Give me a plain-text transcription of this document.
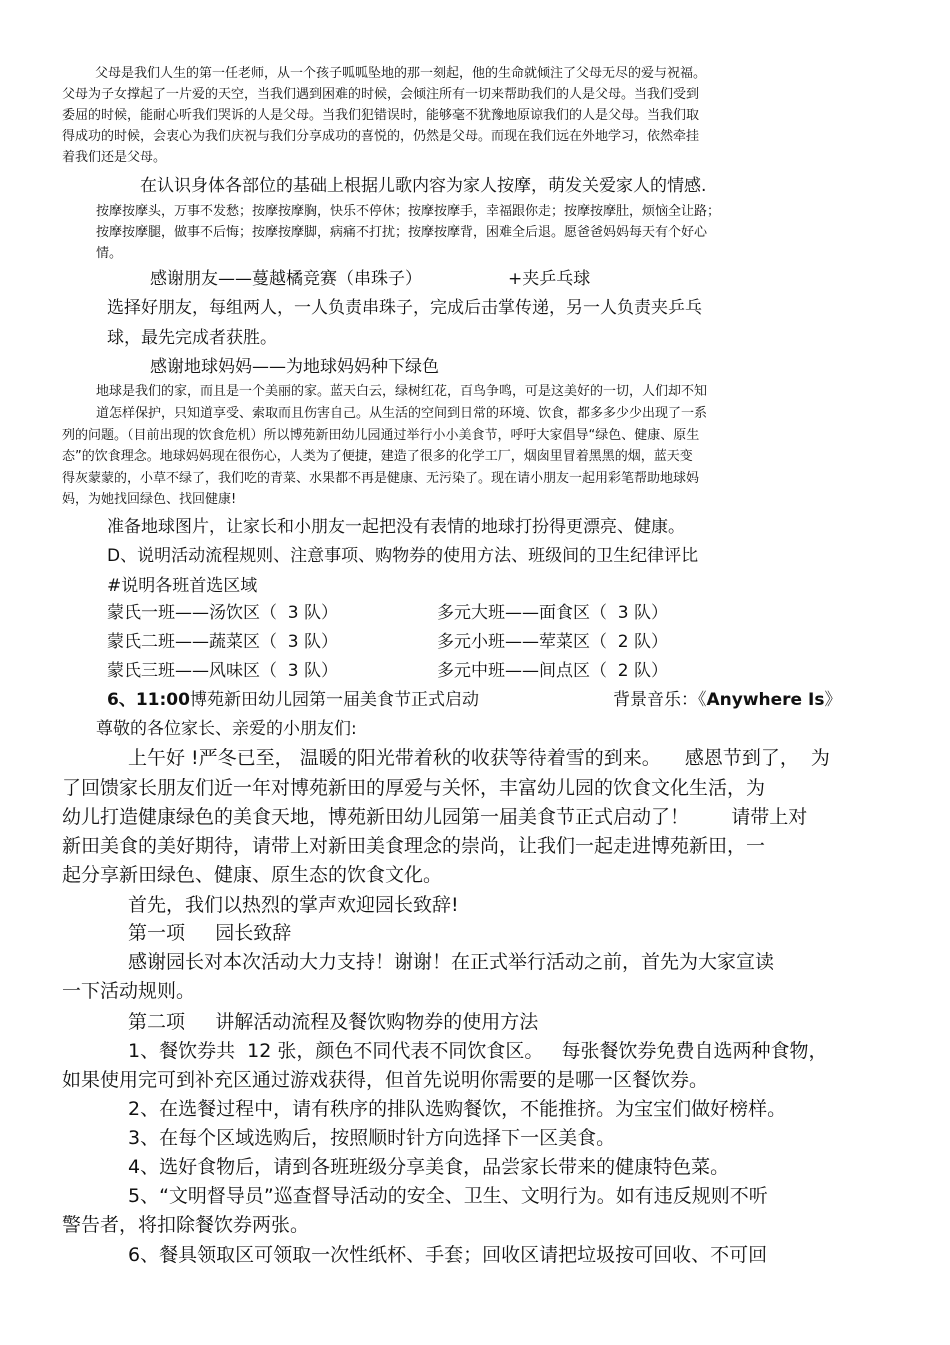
父母是我们人生的第一任老师，从一个孩子呱呱坠地的那一刻起，他的生命就倾注了父母无尽的爱与祝福。

父母为子女撑起了一片爱的天空，当我们遇到困难的时候，会倾注所有一切来帮助我们的人是父母。当我们受到

委屈的时候，能耐心听我们哭诉的人是父母。当我们犯错误时，能够毫不犹豫地原谅我们的人是父母。当我们取

得成功的时候，会衷心为我们庆祝与我们分享成功的喜悦的，仍然是父母。而现在我们远在外地学习，依然牵挂

着我们还是父母。

在认识身体各部位的基础上根据儿歌内容为家人按摩，萌发关爱家人的情感.

按摩按摩头，万事不发愁；按摩按摩胸，快乐不停休；按摩按摩手，幸福跟你走；按摩按摩肚，烦恼全让路；

按摩按摩腿，做事不后悔；按摩按摩脚，病痛不打扰；按摩按摩背，困难全后退。愿爸爸妈妈每天有个好心

情。

感谢朋友——蔓越橘竞赛（串珠子）	+夹乒乓球

选择好朋友，每组两人，一人负责串珠子，完成后击掌传递，另一人负责夹乒乓

球，最先完成者获胜。

感谢地球妈妈——为地球妈妈种下绿色

地球是我们的家，而且是一个美丽的家。蓝天白云，绿树红花，百鸟争鸣，可是这美好的一切，人们却不知

道怎样保护，只知道享受、索取而且伤害自己。从生活的空间到日常的环境、饮食，都多多少少出现了一系

列的问题。（目前出现的饮食危机）所以博苑新田幼儿园通过举行小小美食节，呼吁大家倡导“绿色、健康、原生

态”的饮食理念。地球妈妈现在很伤心，人类为了便捷，建造了很多的化学工厂，烟囱里冒着黑黑的烟，蓝天变

得灰蒙蒙的，小草不绿了，我们吃的青菜、水果都不再是健康、无污染了。现在请小朋友一起用彩笔帮助地球妈

妈，为她找回绿色、找回健康!

准备地球图片，让家长和小朋友一起把没有表情的地球打扮得更漂亮、健康。

D、说明活动流程规则、注意事项、购物券的使用方法、班级间的卫生纪律评比

#说明各班首选区域

蒙氏一班——汤饮区（  3 队）	多元大班——面食区（  3 队）

蒙氏二班——蔬菜区（  3 队）	多元小班——荤菜区（  2 队）

蒙氏三班——风味区（  3 队）	多元中班——间点区（  2 队）

6、11:00博苑新田幼儿园第一届美食节正式启动	背景音乐：《Anywhere Is》

尊敬的各位家长、亲爱的小朋友们:

上午好 !严冬已至， 温暖的阳光带着秋的收获等待着雪的到来。    感恩节到了，  为

了回馈家长朋友们近一年对博苑新田的厚爱与关怀，丰富幼儿园的饮食文化生活，为

幼儿打造健康绿色的美食天地，博苑新田幼儿园第一届美食节正式启动了！       请带上对

新田美食的美好期待，请带上对新田美食理念的崇尚，让我们一起走进博苑新田，一

起分享新田绿色、健康、原生态的饮食文化。

首先，我们以热烈的掌声欢迎园长致辞!

第一项     园长致辞

感谢园长对本次活动大力支持！谢谢！在正式举行活动之前，首先为大家宣读

一下活动规则。

第二项     讲解活动流程及餐饮购物券的使用方法

1、餐饮券共  12 张，颜色不同代表不同饮食区。   每张餐饮券免费自选两种食物，

如果使用完可到补充区通过游戏获得，但首先说明你需要的是哪一区餐饮券。

2、在选餐过程中，请有秩序的排队选购餐饮，不能推挤。为宝宝们做好榜样。

3、在每个区域选购后，按照顺时针方向选择下一区美食。

4、选好食物后，请到各班班级分享美食，品尝家长带来的健康特色菜。

5、“文明督导员”巡查督导活动的安全、卫生、文明行为。如有违反规则不听

警告者，将扣除餐饮券两张。

6、餐具领取区可领取一次性纸杯、手套；回收区请把垃圾按可回收、不可回
